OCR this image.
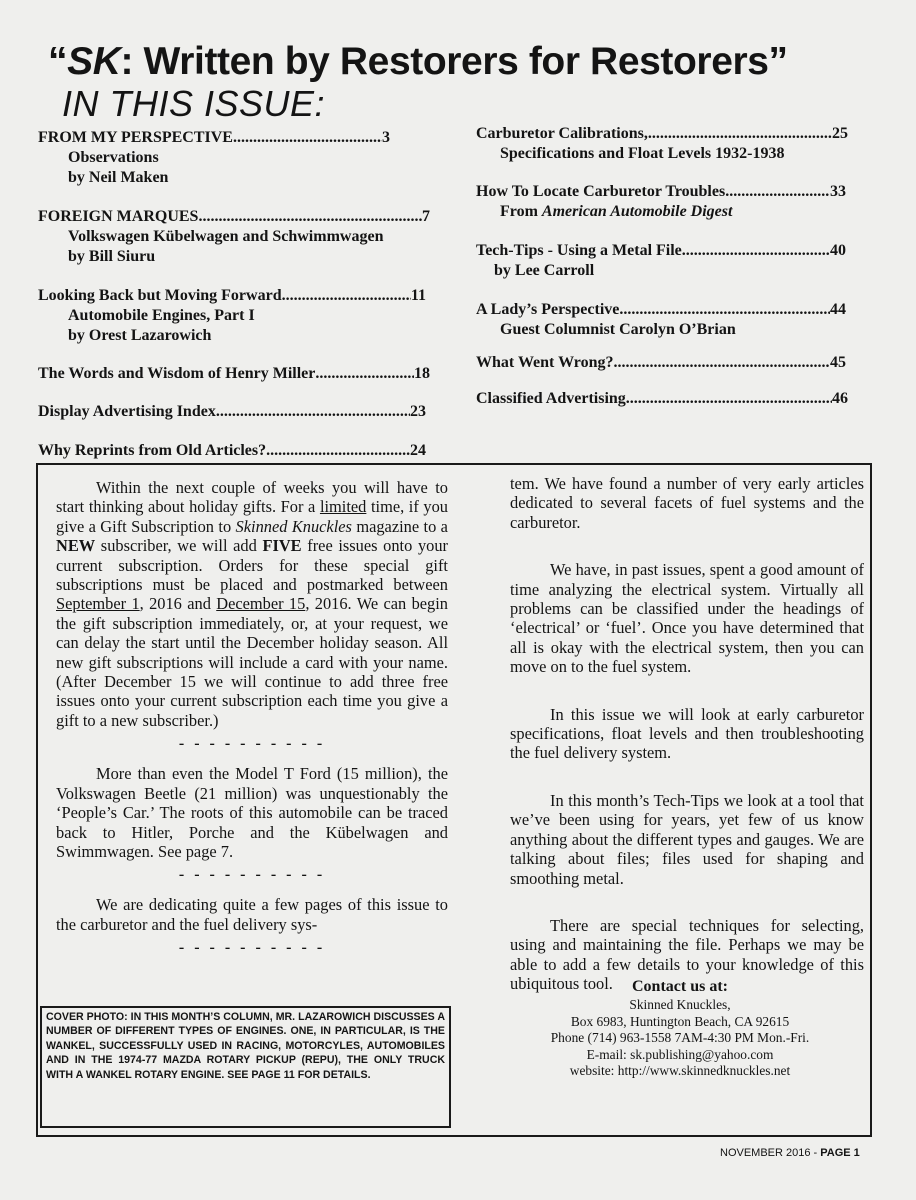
“SK: Written by Restorers for Restorers”
IN THIS ISSUE:
FROM MY PERSPECTIVE .....	3
Observations
by Neil Maken
FOREIGN MARQUES .....	7
Volkswagen Kübelwagen and Schwimmwagen
by Bill Siuru
Looking Back but Moving Forward .....	11
Automobile Engines, Part I
by Orest Lazarowich
The Words and Wisdom of Henry Miller .....	18
Display Advertising Index .....	23
Why Reprints from Old Articles? .....	24
Carburetor Calibrations, .....	25
Specifications and Float Levels 1932-1938
How To Locate Carburetor Troubles .....	33
From American Automobile Digest
Tech-Tips - Using a Metal File .....	40
by Lee Carroll
A Lady’s Perspective .....	44
Guest Columnist Carolyn O’Brian
What Went Wrong? .....	45
Classified Advertising .....	46

Within the next couple of weeks you will have to start thinking about holiday gifts. For a limited time, if you give a Gift Subscription to Skinned Knuckles magazine to a NEW subscriber, we will add FIVE free issues onto your current subscription. Orders for these special gift subscriptions must be placed and postmarked between September 1, 2016 and December 15, 2016. We can begin the gift subscription immediately, or, at your request, we can delay the start until the December holiday season. All new gift subscriptions will include a card with your name. (After December 15 we will continue to add three free issues onto your current subscription each time you give a gift to a new subscriber.)

- - - - - - - - - -

More than even the Model T Ford (15 million), the Volkswagen Beetle (21 million) was unquestionably the ‘People’s Car.’ The roots of this automobile can be traced back to Hitler, Porche and the Kübelwagen and Swimmwagen. See page 7.

- - - - - - - - - -

We are dedicating quite a few pages of this issue to the carburetor and the fuel delivery sys-

- - - - - - - - - -

tem. We have found a number of very early articles dedicated to several facets of fuel systems and the carburetor.

We have, in past issues, spent a good amount of time analyzing the electrical system. Virtually all problems can be classified under the headings of ‘electrical’ or ‘fuel’. Once you have determined that all is okay with the electrical system, then you can move on to the fuel system.

In this issue we will look at early carburetor specifications, float levels and then troubleshooting the fuel delivery system.

In this month’s Tech-Tips we look at a tool that we’ve been using for years, yet few of us know anything about the different types and gauges. We are talking about files; files used for shaping and smoothing metal.

There are special techniques for selecting, using and maintaining the file. Perhaps we may be able to add a few details to your knowledge of this ubiquitous tool.

COVER PHOTO: IN THIS MONTH’S COLUMN, MR. LAZAROWICH DISCUSSES A NUMBER OF DIFFERENT TYPES OF ENGINES. ONE, IN PARTICULAR, IS THE WANKEL, SUCCESSFULLY USED IN RACING, MOTORCYLES, AUTOMOBILES AND IN THE 1974-77 MAZDA ROTARY PICKUP (REPU), THE ONLY TRUCK WITH A WANKEL ROTARY ENGINE. SEE PAGE 11 FOR DETAILS.
Contact us at:
Skinned Knuckles,
Box 6983, Huntington Beach, CA 92615
Phone (714) 963-1558 7AM-4:30 PM Mon.-Fri.
E-mail: sk.publishing@yahoo.com
website: http://www.skinnedknuckles.net
NOVEMBER 2016 - PAGE 1
